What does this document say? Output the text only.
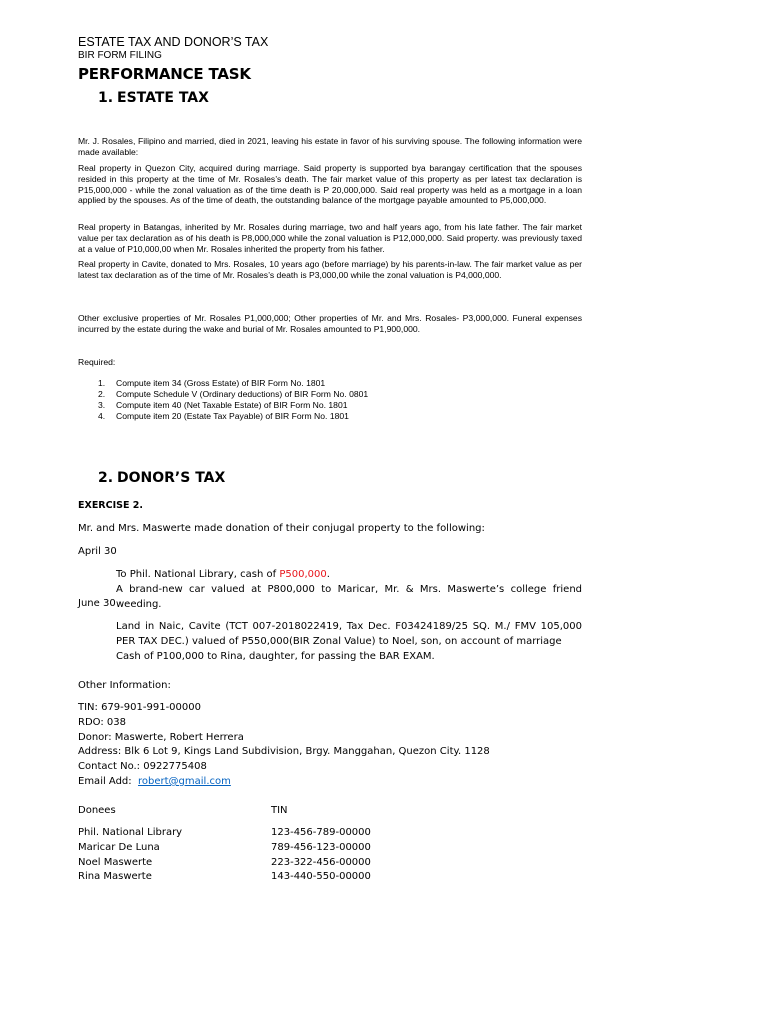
ESTATE TAX AND DONOR’S TAX
BIR FORM FILING
PERFORMANCE TASK
1. ESTATE TAX
Mr. J. Rosales, Filipino and married, died in 2021, leaving his estate in favor of his surviving spouse. The following information were made available:
Real property in Quezon City, acquired during marriage. Said property is supported bya barangay certification that the spouses resided in this property at the time of Mr. Rosales’s death. The fair market value of this property as per latest tax declaration is P15,000,000 - while the zonal valuation as of the time death is P 20,000,000. Said real property was held as a mortgage in a loan applied by the spouses. As of the time of death, the outstanding balance of the mortgage payable amounted to P5,000,000.
Real property in Batangas, inherited by Mr. Rosales during marriage, two and half years ago, from his late father. The fair market value per tax declaration as of his death is P8,000,000 while the zonal valuation is P12,000,000. Said property. was previously taxed at a value of P10,000,00 when Mr. Rosales inherited the property from his father.
Real property in Cavite, donated to Mrs. Rosales, 10 years ago (before marriage) by his parents-in-law. The fair market value as per latest tax declaration as of the time of Mr. Rosales’s death is P3,000,00 while the zonal valuation is P4,000,000.
Other exclusive properties of Mr. Rosales P1,000,000; Other properties of Mr. and Mrs. Rosales- P3,000,000. Funeral expenses incurred by the estate during the wake and burial of Mr. Rosales amounted to P1,900,000.
Required:
1. Compute item 34 (Gross Estate) of BIR Form No. 1801
2. Compute Schedule V (Ordinary deductions) of BIR Form No. 0801
3. Compute item 40 (Net Taxable Estate) of BIR Form No. 1801
4. Compute item 20 (Estate Tax Payable) of BIR Form No. 1801
2. DONOR’S TAX
EXERCISE 2.
Mr. and Mrs. Maswerte made donation of their conjugal property to the following:
April 30
To Phil. National Library, cash of P500,000.
A brand-new car valued at P800,000 to Maricar, Mr. & Mrs. Maswerte’s college friend weeding.
June 30
Land in Naic, Cavite (TCT 007-2018022419, Tax Dec. F03424189/25 SQ. M./ FMV 105,000 PER TAX DEC.) valued of P550,000(BIR Zonal Value) to Noel, son, on account of marriage
Cash of P100,000 to Rina, daughter, for passing the BAR EXAM.
Other Information:
TIN: 679-901-991-00000
RDO: 038
Donor: Maswerte, Robert Herrera
Address: Blk 6 Lot 9, Kings Land Subdivision, Brgy. Manggahan, Quezon City. 1128
Contact No.: 0922775408
Email Add: robert@gmail.com
Donees	TIN
Phil. National Library	123-456-789-00000
Maricar De Luna	789-456-123-00000
Noel Maswerte	223-322-456-00000
Rina Maswerte	143-440-550-00000
